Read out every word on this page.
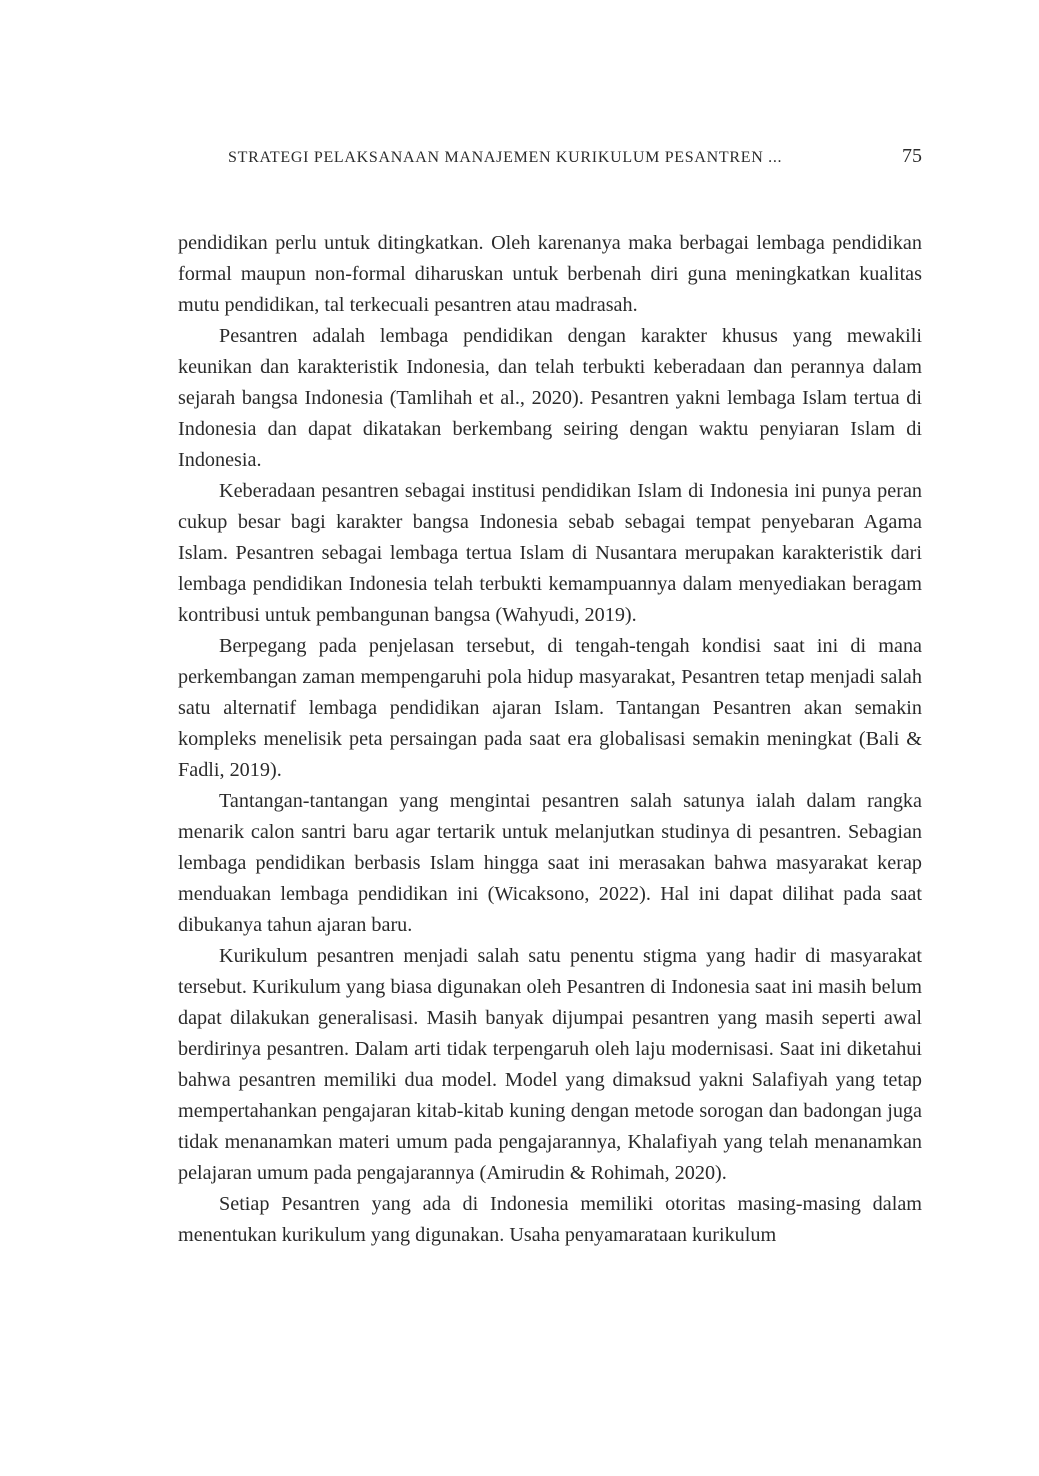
STRATEGI PELAKSANAAN MANAJEMEN KURIKULUM PESANTREN ...	75

pendidikan perlu untuk ditingkatkan. Oleh karenanya maka berbagai lembaga pendidikan formal maupun non-formal diharuskan untuk berbenah diri guna meningkatkan kualitas mutu pendidikan, tal terkecuali pesantren atau madrasah.

Pesantren adalah lembaga pendidikan dengan karakter khusus yang mewakili keunikan dan karakteristik Indonesia, dan telah terbukti keberadaan dan perannya dalam sejarah bangsa Indonesia (Tamlihah et al., 2020). Pesantren yakni lembaga Islam tertua di Indonesia dan dapat dikatakan berkembang seiring dengan waktu penyiaran Islam di Indonesia.

Keberadaan pesantren sebagai institusi pendidikan Islam di Indonesia ini punya peran cukup besar bagi karakter bangsa Indonesia sebab sebagai tempat penyebaran Agama Islam. Pesantren sebagai lembaga tertua Islam di Nusantara merupakan karakteristik dari lembaga pendidikan Indonesia telah terbukti kemampuannya dalam menyediakan beragam kontribusi untuk pembangunan bangsa (Wahyudi, 2019).

Berpegang pada penjelasan tersebut, di tengah-tengah kondisi saat ini di mana perkembangan zaman mempengaruhi pola hidup masyarakat, Pesantren tetap menjadi salah satu alternatif lembaga pendidikan ajaran Islam. Tantangan Pesantren akan semakin kompleks menelisik peta persaingan pada saat era globalisasi semakin meningkat (Bali & Fadli, 2019).

Tantangan-tantangan yang mengintai pesantren salah satunya ialah dalam rangka menarik calon santri baru agar tertarik untuk melanjutkan studinya di pesantren. Sebagian lembaga pendidikan berbasis Islam hingga saat ini merasakan bahwa masyarakat kerap menduakan lembaga pendidikan ini (Wicaksono, 2022). Hal ini dapat dilihat pada saat dibukanya tahun ajaran baru.

Kurikulum pesantren menjadi salah satu penentu stigma yang hadir di masyarakat tersebut. Kurikulum yang biasa digunakan oleh Pesantren di Indonesia saat ini masih belum dapat dilakukan generalisasi. Masih banyak dijumpai pesantren yang masih seperti awal berdirinya pesantren. Dalam arti tidak terpengaruh oleh laju modernisasi. Saat ini diketahui bahwa pesantren memiliki dua model. Model yang dimaksud yakni Salafiyah yang tetap mempertahankan pengajaran kitab-kitab kuning dengan metode sorogan dan badongan juga tidak menanamkan materi umum pada pengajarannya, Khalafiyah yang telah menanamkan pelajaran umum pada pengajarannya (Amirudin & Rohimah, 2020).

Setiap Pesantren yang ada di Indonesia memiliki otoritas masing-masing dalam menentukan kurikulum yang digunakan. Usaha penyamarataan kurikulum
